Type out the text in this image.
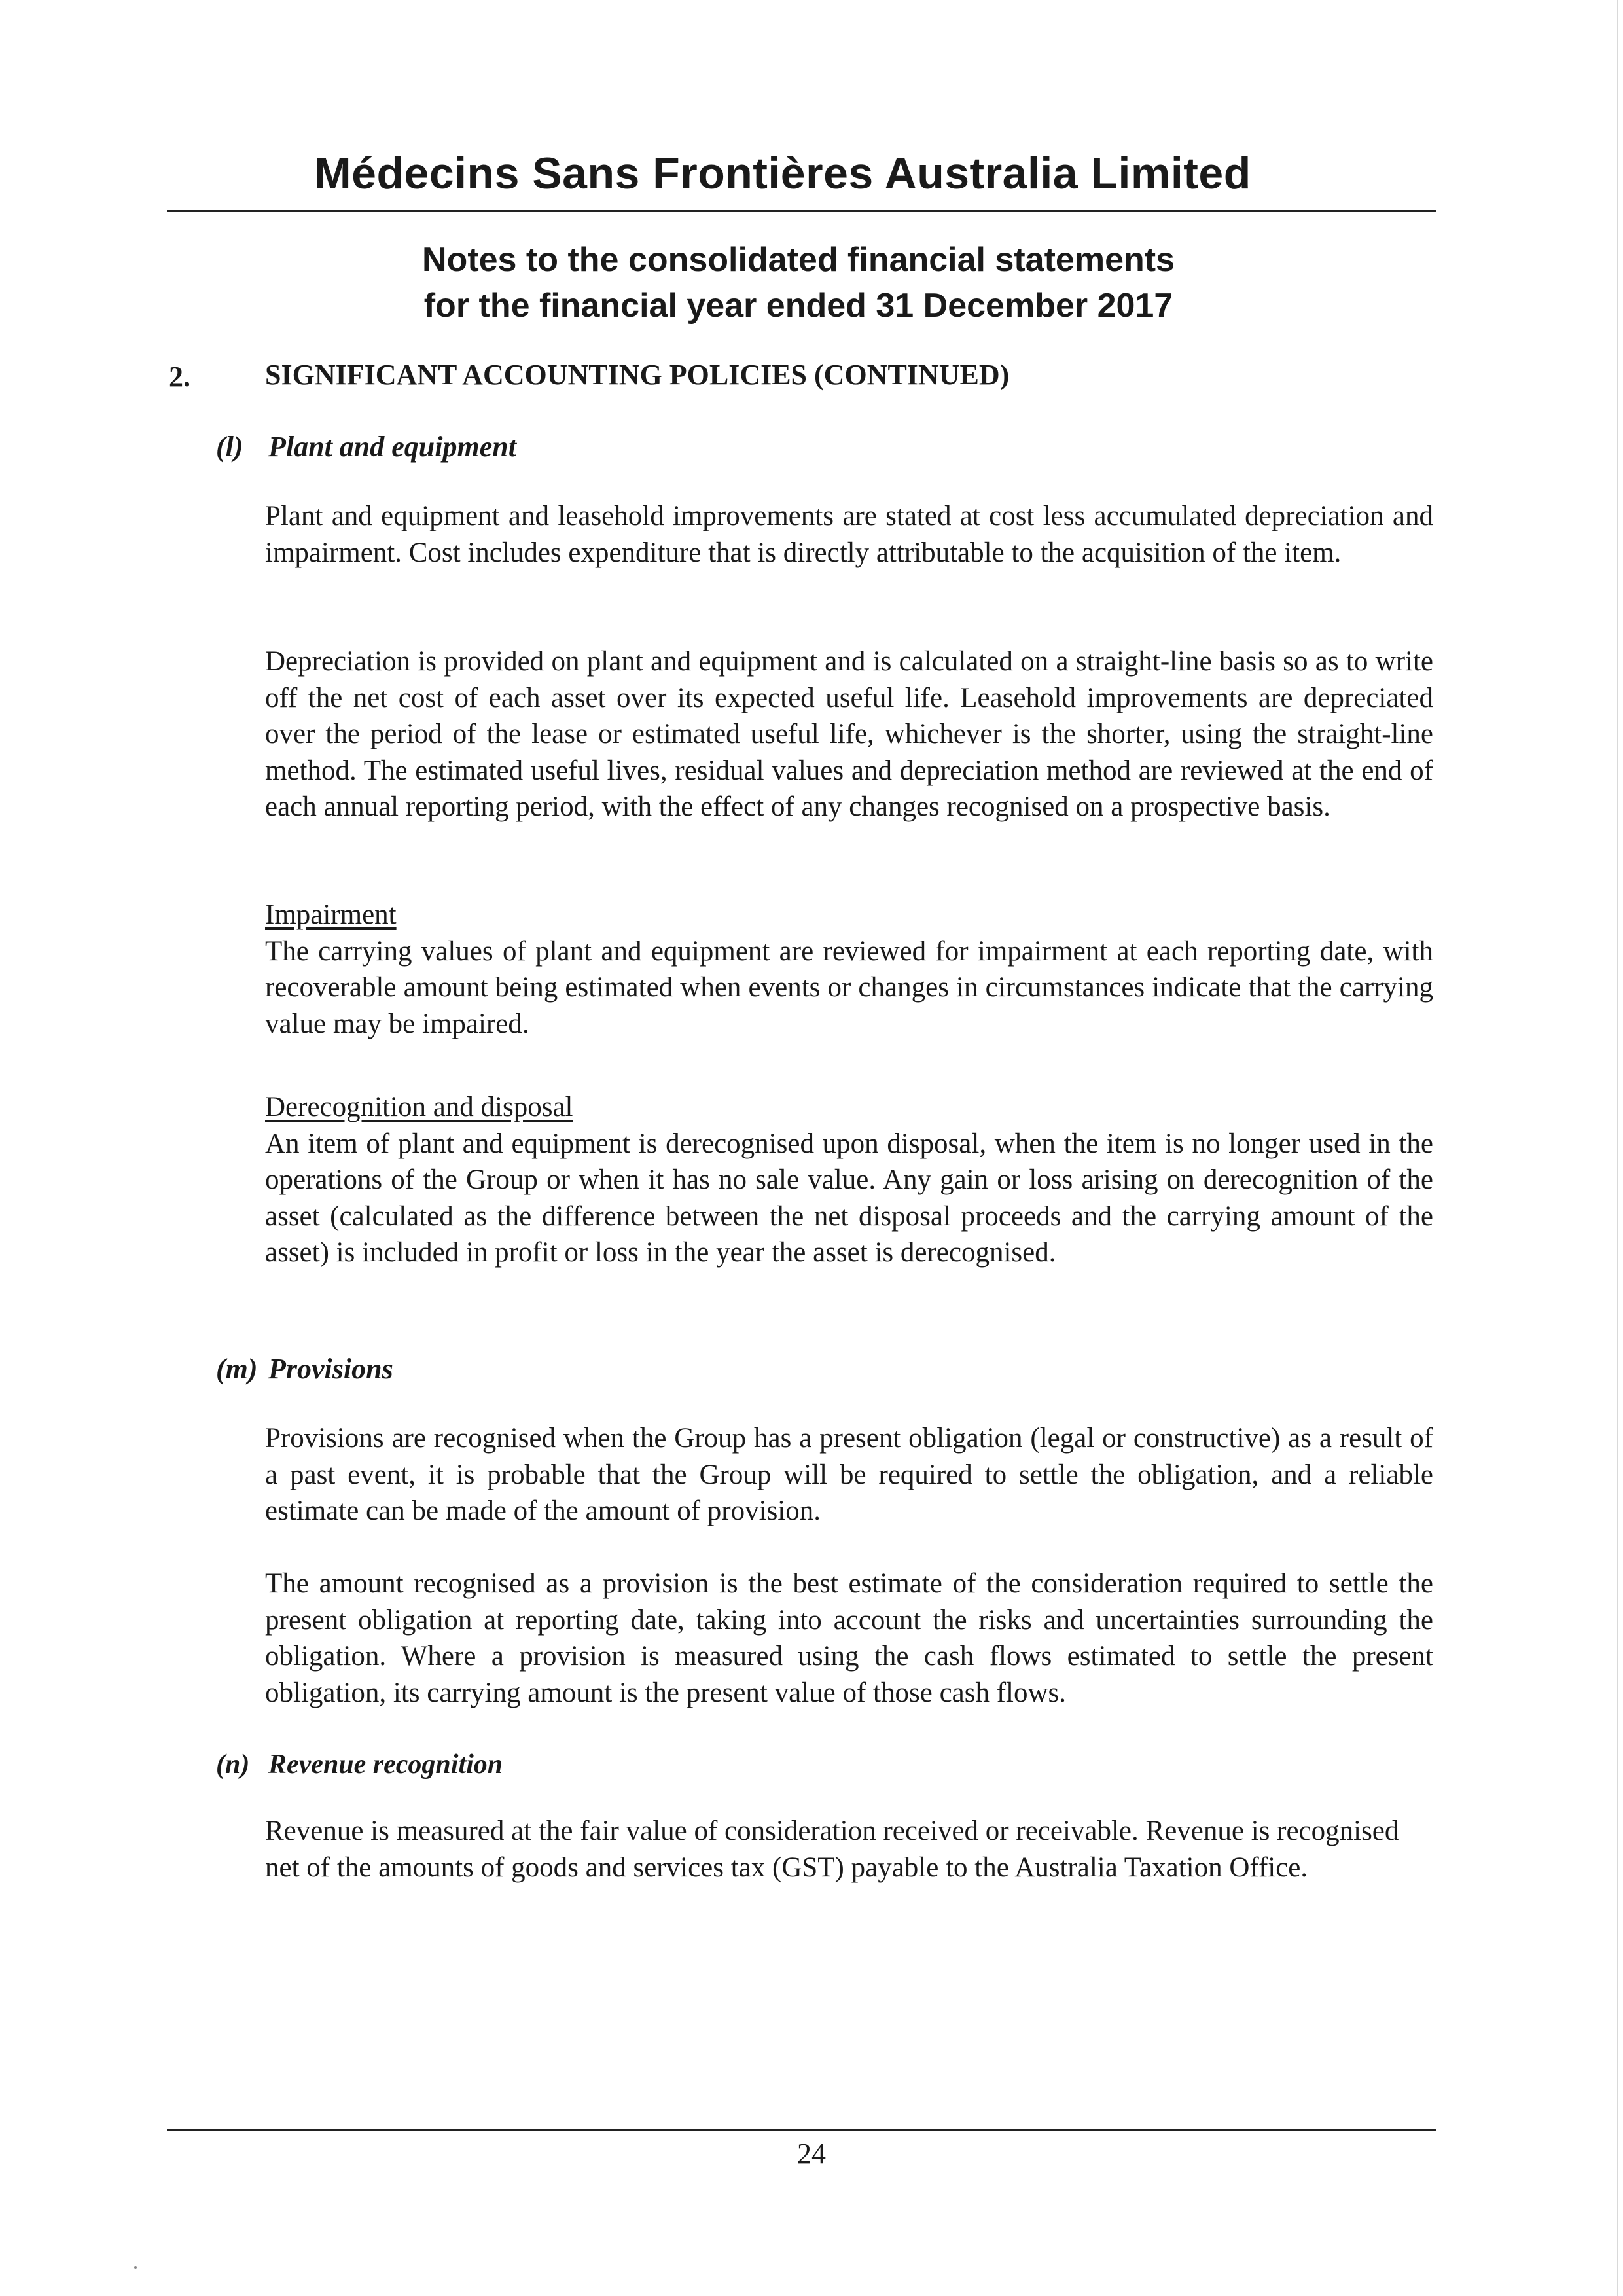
Médecins Sans Frontières Australia Limited
Notes to the consolidated financial statements
for the financial year ended 31 December 2017
2.	SIGNIFICANT ACCOUNTING POLICIES (CONTINUED)
(l) Plant and equipment
Plant and equipment and leasehold improvements are stated at cost less accumulated depreciation and impairment. Cost includes expenditure that is directly attributable to the acquisition of the item.
Depreciation is provided on plant and equipment and is calculated on a straight-line basis so as to write off the net cost of each asset over its expected useful life. Leasehold improvements are depreciated over the period of the lease or estimated useful life, whichever is the shorter, using the straight-line method. The estimated useful lives, residual values and depreciation method are reviewed at the end of each annual reporting period, with the effect of any changes recognised on a prospective basis.
Impairment
The carrying values of plant and equipment are reviewed for impairment at each reporting date, with recoverable amount being estimated when events or changes in circumstances indicate that the carrying value may be impaired.
Derecognition and disposal
An item of plant and equipment is derecognised upon disposal, when the item is no longer used in the operations of the Group or when it has no sale value. Any gain or loss arising on derecognition of the asset (calculated as the difference between the net disposal proceeds and the carrying amount of the asset) is included in profit or loss in the year the asset is derecognised.
(m) Provisions
Provisions are recognised when the Group has a present obligation (legal or constructive) as a result of a past event, it is probable that the Group will be required to settle the obligation, and a reliable estimate can be made of the amount of provision.
The amount recognised as a provision is the best estimate of the consideration required to settle the present obligation at reporting date, taking into account the risks and uncertainties surrounding the obligation. Where a provision is measured using the cash flows estimated to settle the present obligation, its carrying amount is the present value of those cash flows.
(n) Revenue recognition
Revenue is measured at the fair value of consideration received or receivable. Revenue is recognised net of the amounts of goods and services tax (GST) payable to the Australia Taxation Office.
24
